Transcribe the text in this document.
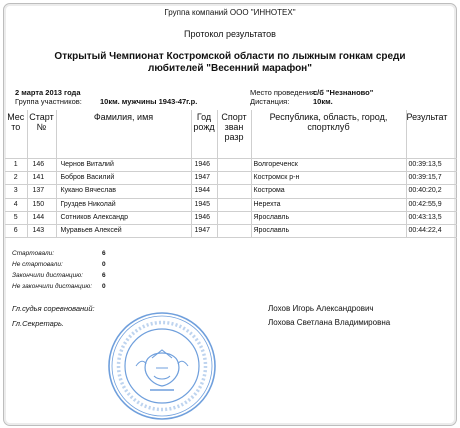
Группа компаний ООО "ИННОТЕХ"
Протокол результатов
Открытый Чемпионат Костромской области по лыжным гонкам среди любителей "Весенний марафон"
2 марта 2013 года
Группа участников: 10км. мужчины 1943-47г.р.
Место проведения:
с/б "Незнаново"
Дистанция:	10км.
Мес то	Старт №	Фамилия, имя	Год рожд	Спорт зван разр	Республика, область, город, спортклуб	Результат
1	146	Чернов Виталий	1946		Волгореченск	00:39:13,5
2	141	Бобров Василий	1947		Костромск р-н	00:39:15,7
3	137	Кукано Вячеслав	1944		Кострома	00:40:20,2
4	150	Груздев Николай	1945		Нерехта	00:42:55,9
5	144	Сотников Александр	1946		Ярославль	00:43:13,5
6	143	Муравьев Алексей	1947		Ярославль	00:44:22,4
Стартовали:	6
Не стартовали:	0
Закончили дистанцию:	6
Не закончили дистанцию: 0
Гл.судья соревнований:
Гл.Секретарь.
Лохов Игорь Александрович
Лохова Светлана Владимировна
